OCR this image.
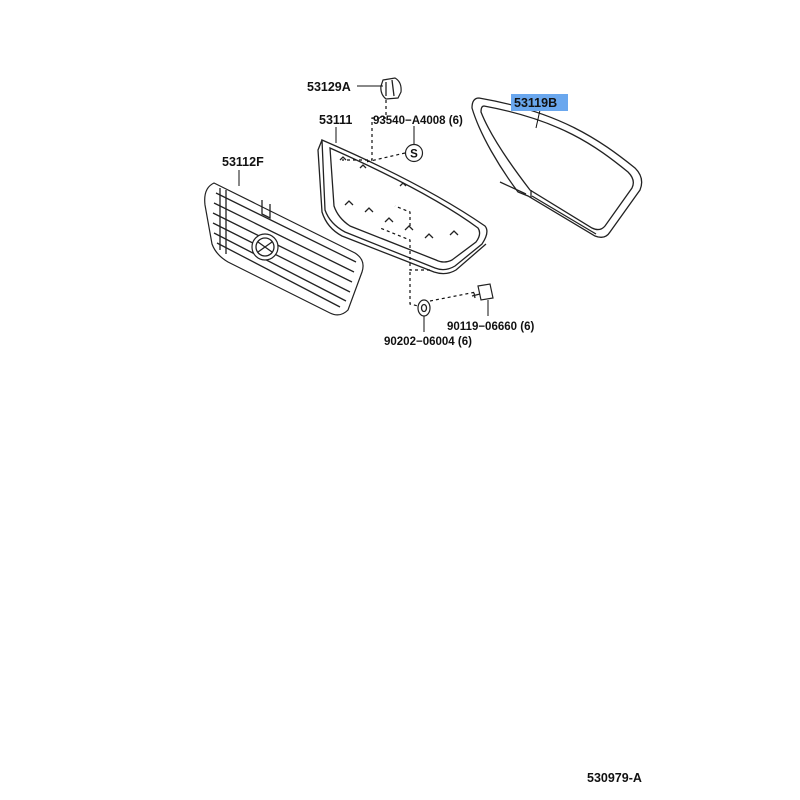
S
53129A
53111 93540−A4008 (6)
53112F
53119B
90119−06660 (6)
90202−06004 (6)
530979-A
